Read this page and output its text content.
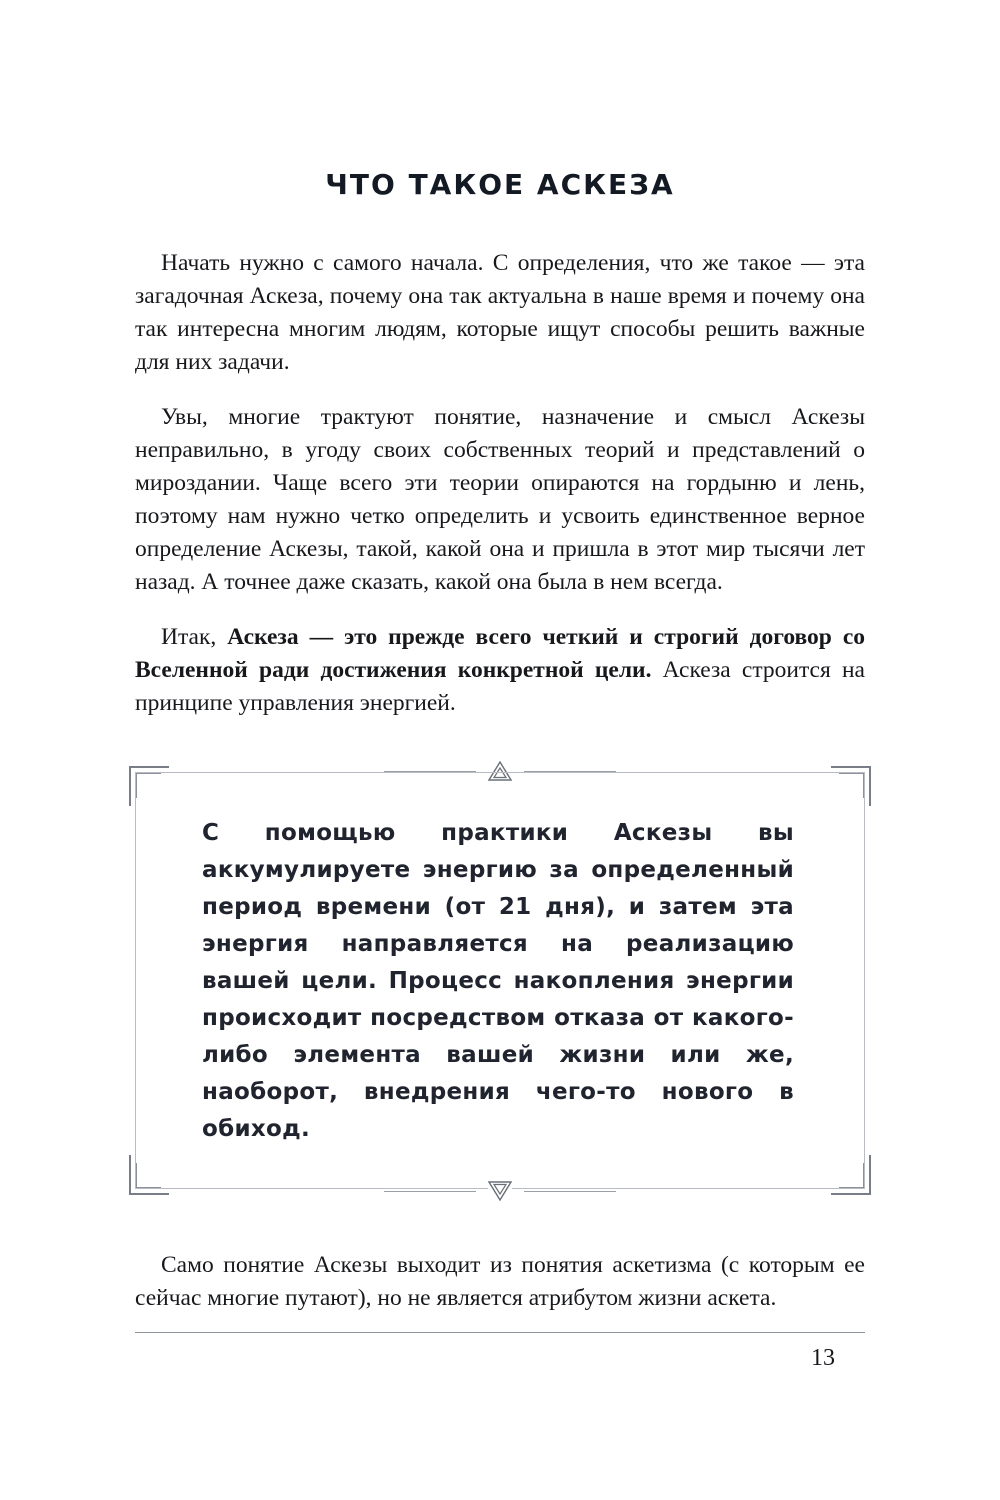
ЧТО ТАКОЕ АСКЕЗА

Начать нужно с самого начала. С определения, что же такое — эта загадочная Аскеза, почему она так актуальна в наше время и почему она так интересна многим людям, которые ищут способы решить важные для них задачи.

Увы, многие трактуют понятие, назначение и смысл Аскезы неправильно, в угоду своих собственных теорий и представлений о мироздании. Чаще всего эти теории опираются на гордыню и лень, поэтому нам нужно четко определить и усвоить единственное верное определение Аскезы, такой, какой она и пришла в этот мир тысячи лет назад. А точнее даже сказать, какой она была в нем всегда.

Итак, Аскеза — это прежде всего четкий и строгий договор со Вселенной ради достижения конкретной цели. Аскеза строится на принципе управления энергией.

С помощью практики Аскезы вы аккумулируете энергию за определенный период времени (от 21 дня), и затем эта энергия направляется на реализацию вашей цели. Процесс накопления энергии происходит посредством отказа от какого-либо элемента вашей жизни или же, наоборот, внедрения чего-то нового в обиход.

Само понятие Аскезы выходит из понятия аскетизма (с которым ее сейчас многие путают), но не является атрибутом жизни аскета.

13
